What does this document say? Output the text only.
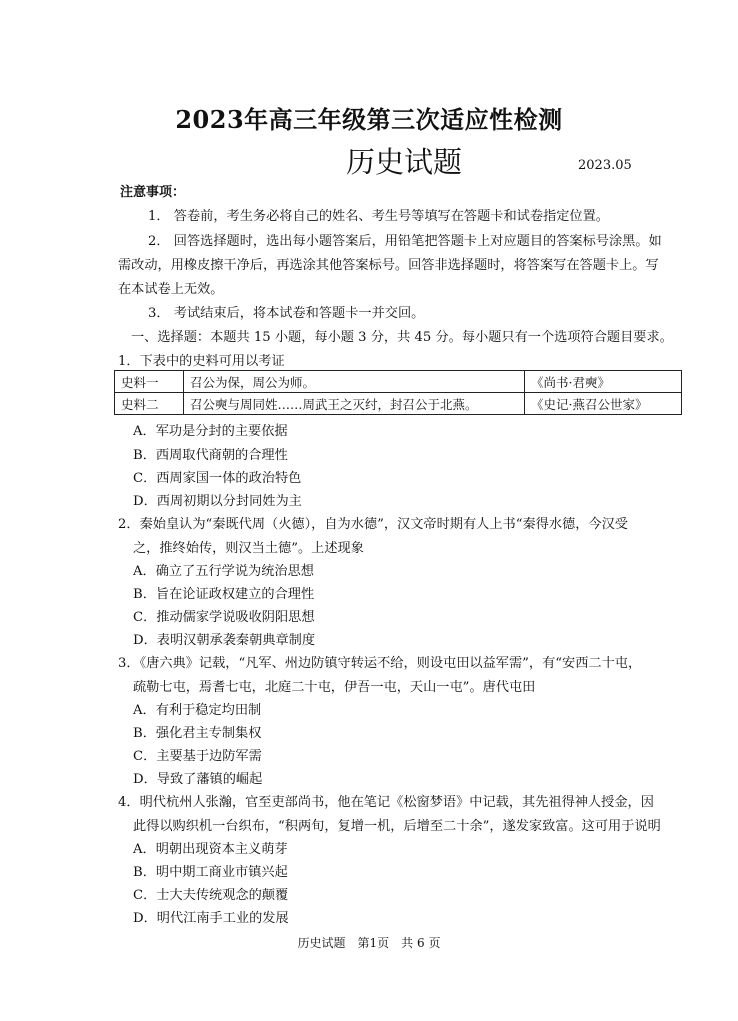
2023年高三年级第三次适应性检测
历史试题	2023.05
注意事项：
1． 答卷前，考生务必将自己的姓名、考生号等填写在答题卡和试卷指定位置。
2． 回答选择题时，选出每小题答案后，用铅笔把答题卡上对应题目的答案标号涂黑。如
需改动，用橡皮擦干净后，再选涂其他答案标号。回答非选择题时，将答案写在答题卡上。写
在本试卷上无效。
3． 考试结束后，将本试卷和答题卡一并交回。
一、选择题：本题共 15 小题，每小题 3 分，共 45 分。每小题只有一个选项符合题目要求。
1．下表中的史料可用以考证
史料一	召公为保，周公为师。	《尚书·君奭》
史料二	召公奭与周同姓……周武王之灭纣，封召公于北燕。	《史记·燕召公世家》
A．军功是分封的主要依据
B．西周取代商朝的合理性
C．西周家国一体的政治特色
D．西周初期以分封同姓为主
2．秦始皇认为“秦既代周（火德），自为水德”，汉文帝时期有人上书“秦得水德，今汉受
之，推终始传，则汉当土德”。上述现象
A．确立了五行学说为统治思想
B．旨在论证政权建立的合理性
C．推动儒家学说吸收阴阳思想
D．表明汉朝承袭秦朝典章制度
3．《唐六典》记载，“凡军、州边防镇守转运不给，则设屯田以益军需”，有“安西二十屯，
疏勒七屯，焉耆七屯，北庭二十屯，伊吾一屯，天山一屯”。唐代屯田
A．有利于稳定均田制
B．强化君主专制集权
C．主要基于边防军需
D．导致了藩镇的崛起
4．明代杭州人张瀚，官至吏部尚书，他在笔记《松窗梦语》中记载，其先祖得神人授金，因
此得以购织机一台织布，“积两旬，复增一机，后增至二十余”，遂发家致富。这可用于说明
A．明朝出现资本主义萌芽
B．明中期工商业市镇兴起
C．士大夫传统观念的颠覆
D．明代江南手工业的发展
历史试题　第1页　共 6 页
